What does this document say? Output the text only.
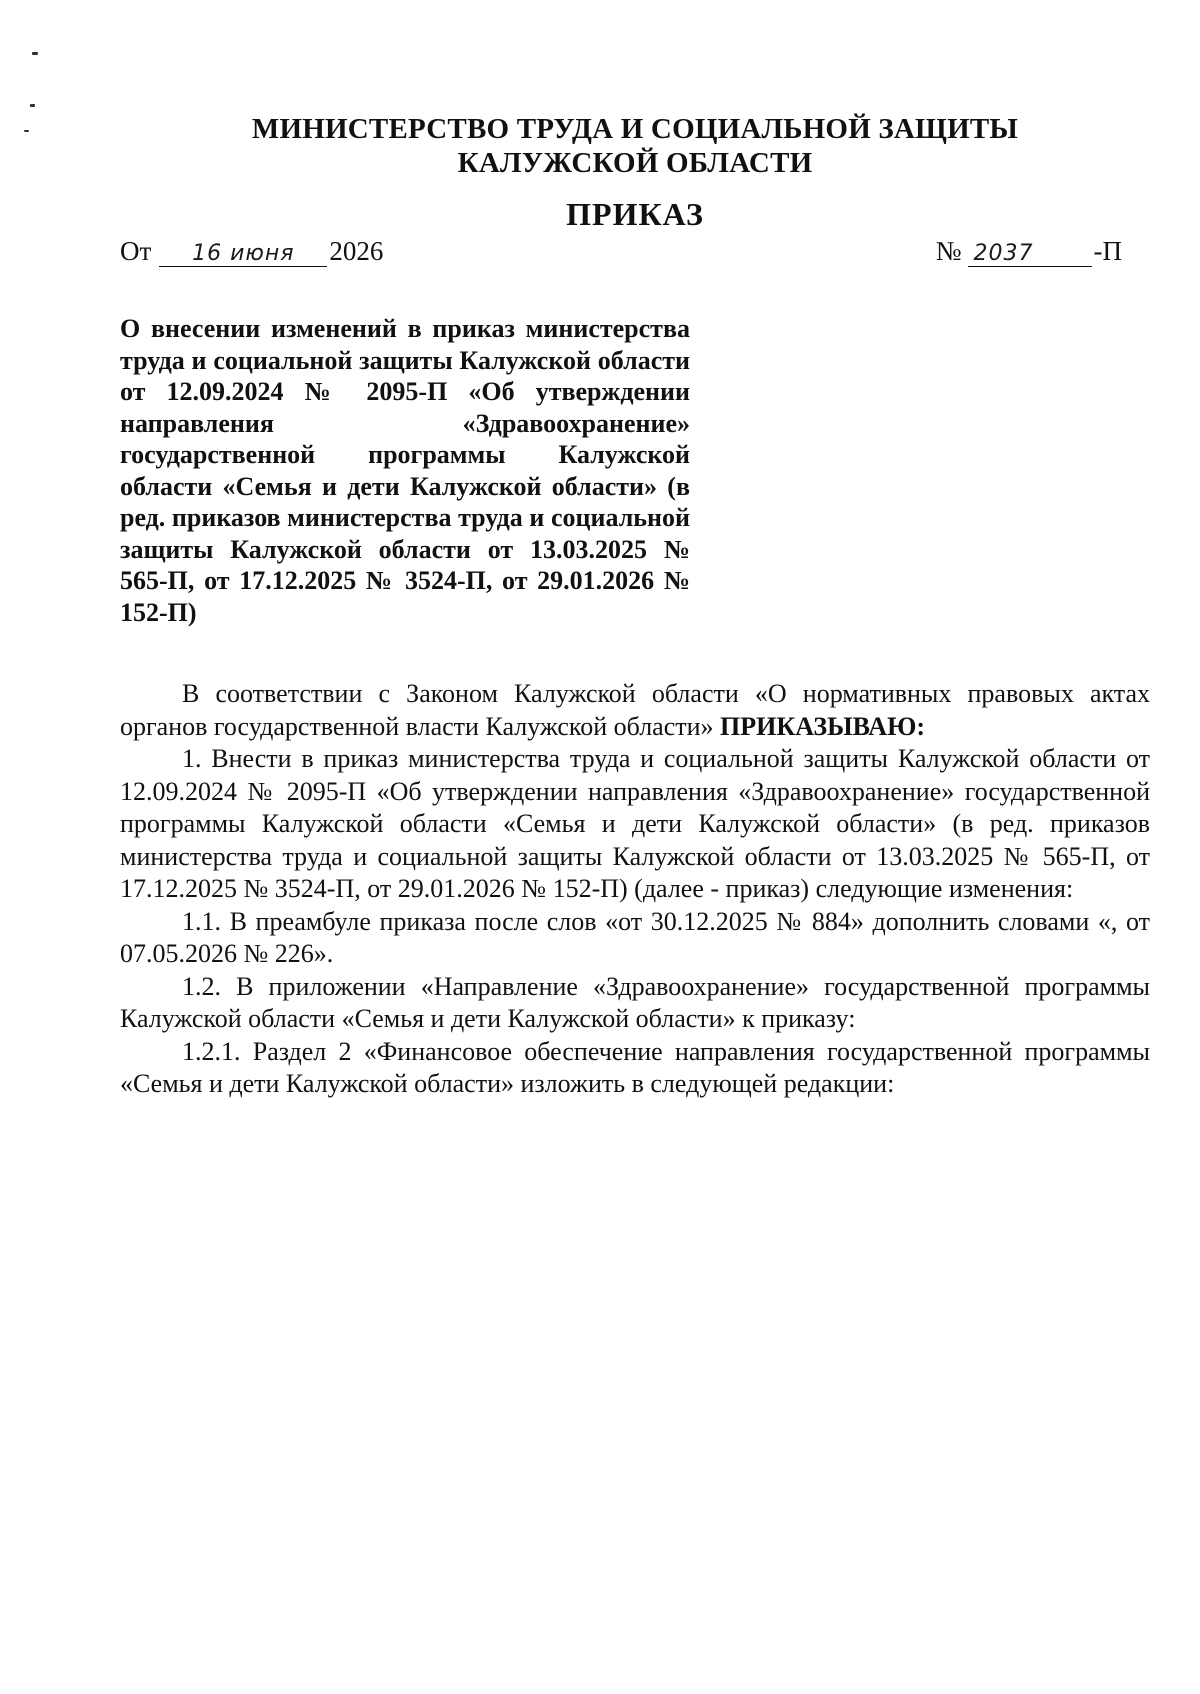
МИНИСТЕРСТВО ТРУДА И СОЦИАЛЬНОЙ ЗАЩИТЫ
КАЛУЖСКОЙ ОБЛАСТИ
ПРИКАЗ
От	16 июня	2026	№ 2037	-П
О внесении изменений в приказ министерства труда и социальной защиты Калужской области от 12.09.2024 № 2095-П «Об утверждении направления «Здравоохранение» государственной программы Калужской области «Семья и дети Калужской области» (в ред. приказов министерства труда и социальной защиты Калужской области от 13.03.2025 № 565-П, от 17.12.2025 № 3524-П, от 29.01.2026 № 152-П)

В соответствии с Законом Калужской области «О нормативных правовых актах органов государственной власти Калужской области» ПРИКАЗЫВАЮ:

1. Внести в приказ министерства труда и социальной защиты Калужской области от 12.09.2024 № 2095-П «Об утверждении направления «Здравоохранение» государственной программы Калужской области «Семья и дети Калужской области» (в ред. приказов министерства труда и социальной защиты Калужской области от 13.03.2025 № 565-П, от 17.12.2025 № 3524-П, от 29.01.2026 № 152-П) (далее - приказ) следующие изменения:

1.1. В преамбуле приказа после слов «от 30.12.2025 № 884» дополнить словами «, от 07.05.2026 № 226».

1.2. В приложении «Направление «Здравоохранение» государственной программы Калужской области «Семья и дети Калужской области» к приказу:

1.2.1. Раздел 2 «Финансовое обеспечение направления государственной программы «Семья и дети Калужской области» изложить в следующей редакции:
